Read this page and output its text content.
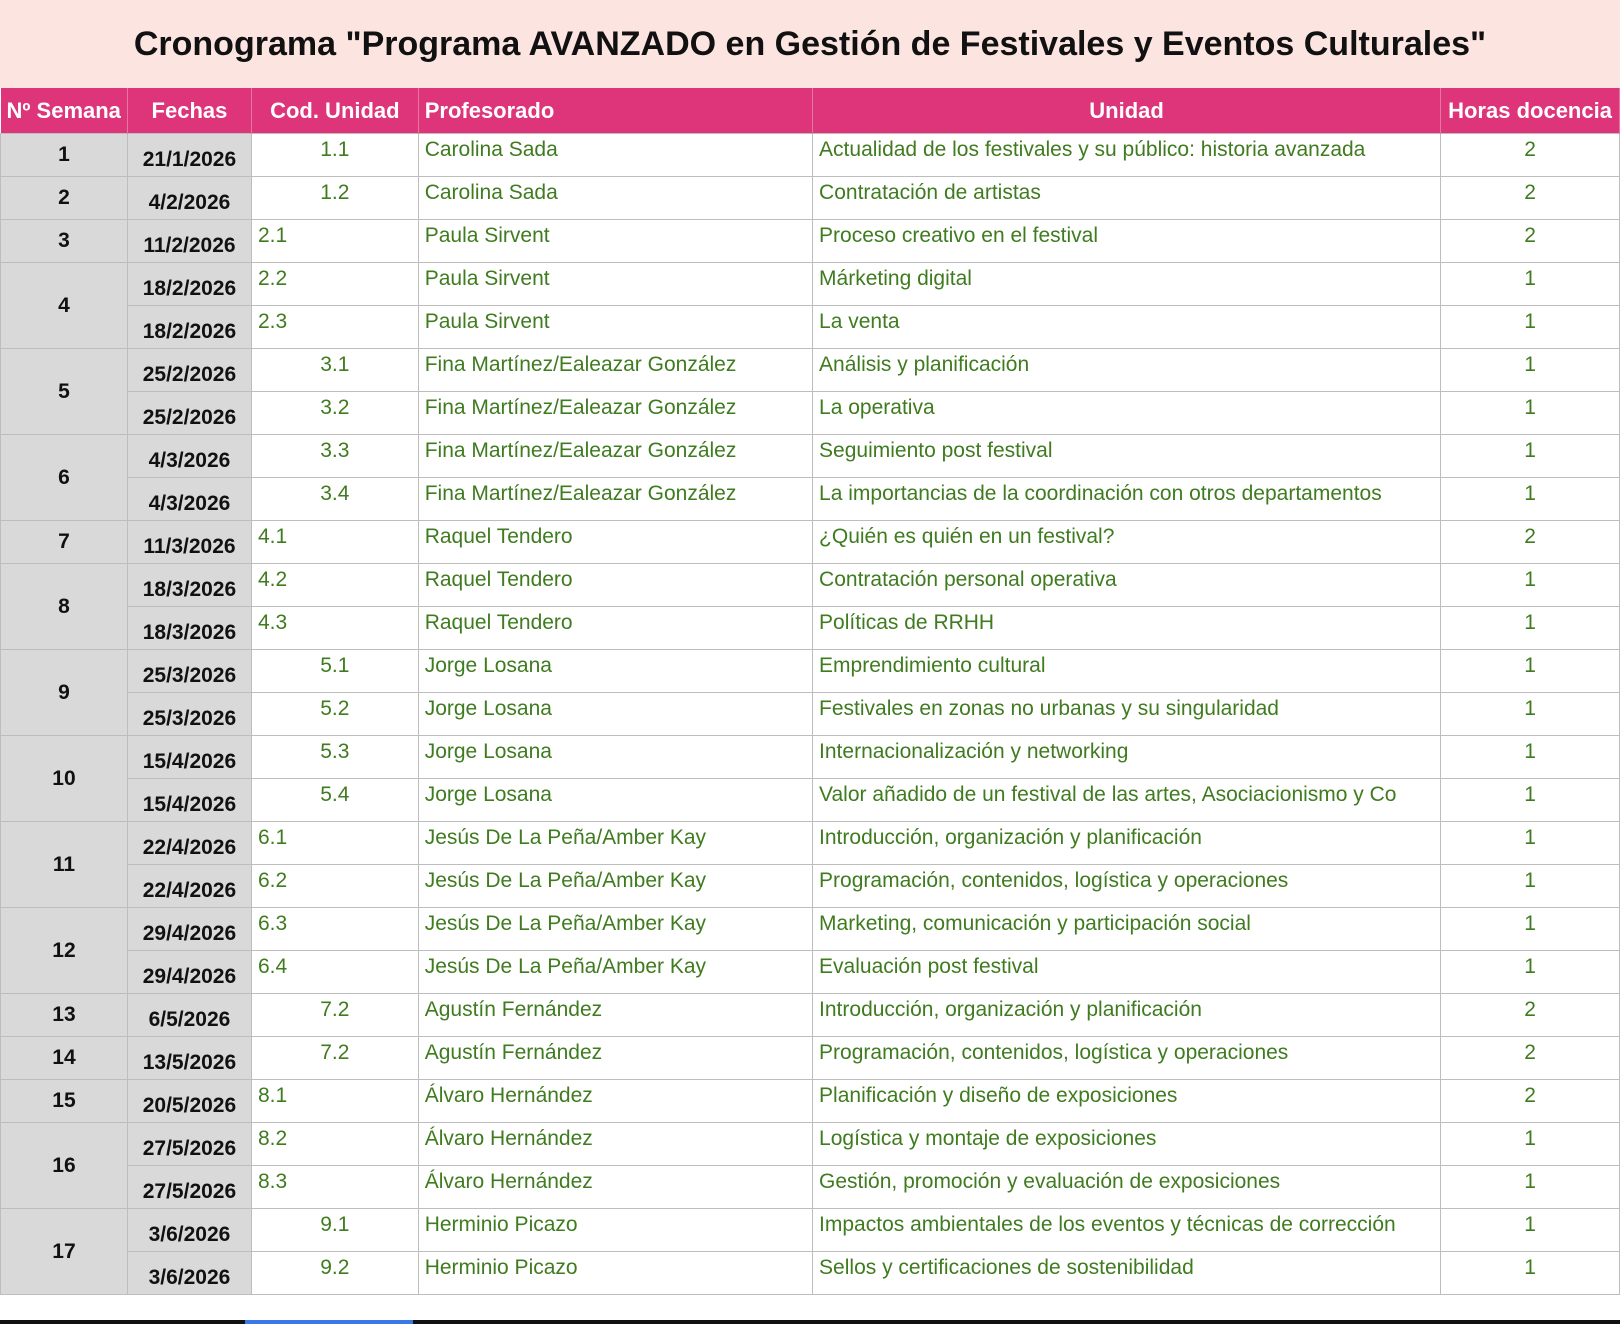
Cronograma "Programa AVANZADO en Gestión de Festivales y Eventos Culturales"
Nº Semana	Fechas	Cod. Unidad	Profesorado	Unidad	Horas docencia
1	21/1/2026	1.1	Carolina Sada	Actualidad de los festivales y su público: historia avanzada	2
2	4/2/2026	1.2	Carolina Sada	Contratación de artistas	2
3	11/2/2026	2.1	Paula Sirvent	Proceso creativo en el festival	2
4	18/2/2026	2.2	Paula Sirvent	Márketing digital	1
	18/2/2026	2.3	Paula Sirvent	La venta	1
5	25/2/2026	3.1	Fina Martínez/Ealeazar González	Análisis y planificación	1
	25/2/2026	3.2	Fina Martínez/Ealeazar González	La operativa	1
6	4/3/2026	3.3	Fina Martínez/Ealeazar González	Seguimiento post festival	1
	4/3/2026	3.4	Fina Martínez/Ealeazar González	La importancias de la coordinación con otros departamentos	1
7	11/3/2026	4.1	Raquel Tendero	¿Quién es quién en un festival?	2
8	18/3/2026	4.2	Raquel Tendero	Contratación personal operativa	1
	18/3/2026	4.3	Raquel Tendero	Políticas de RRHH	1
9	25/3/2026	5.1	Jorge Losana	Emprendimiento cultural	1
	25/3/2026	5.2	Jorge Losana	Festivales en zonas no urbanas y su singularidad	1
10	15/4/2026	5.3	Jorge Losana	Internacionalización y networking	1
	15/4/2026	5.4	Jorge Losana	Valor añadido de un festival de las artes, Asociacionismo y Co	1
11	22/4/2026	6.1	Jesús De La Peña/Amber Kay	Introducción, organización y planificación	1
	22/4/2026	6.2	Jesús De La Peña/Amber Kay	Programación, contenidos, logística y operaciones	1
12	29/4/2026	6.3	Jesús De La Peña/Amber Kay	Marketing, comunicación y participación social	1
	29/4/2026	6.4	Jesús De La Peña/Amber Kay	Evaluación post festival	1
13	6/5/2026	7.2	Agustín Fernández	Introducción, organización y planificación	2
14	13/5/2026	7.2	Agustín Fernández	Programación, contenidos, logística y operaciones	2
15	20/5/2026	8.1	Álvaro Hernández	Planificación y diseño de exposiciones	2
16	27/5/2026	8.2	Álvaro Hernández	Logística y montaje de exposiciones	1
	27/5/2026	8.3	Álvaro Hernández	Gestión, promoción y evaluación de exposiciones	1
17	3/6/2026	9.1	Herminio Picazo	Impactos ambientales de los eventos y técnicas de corrección	1
	3/6/2026	9.2	Herminio Picazo	Sellos y certificaciones de sostenibilidad	1
